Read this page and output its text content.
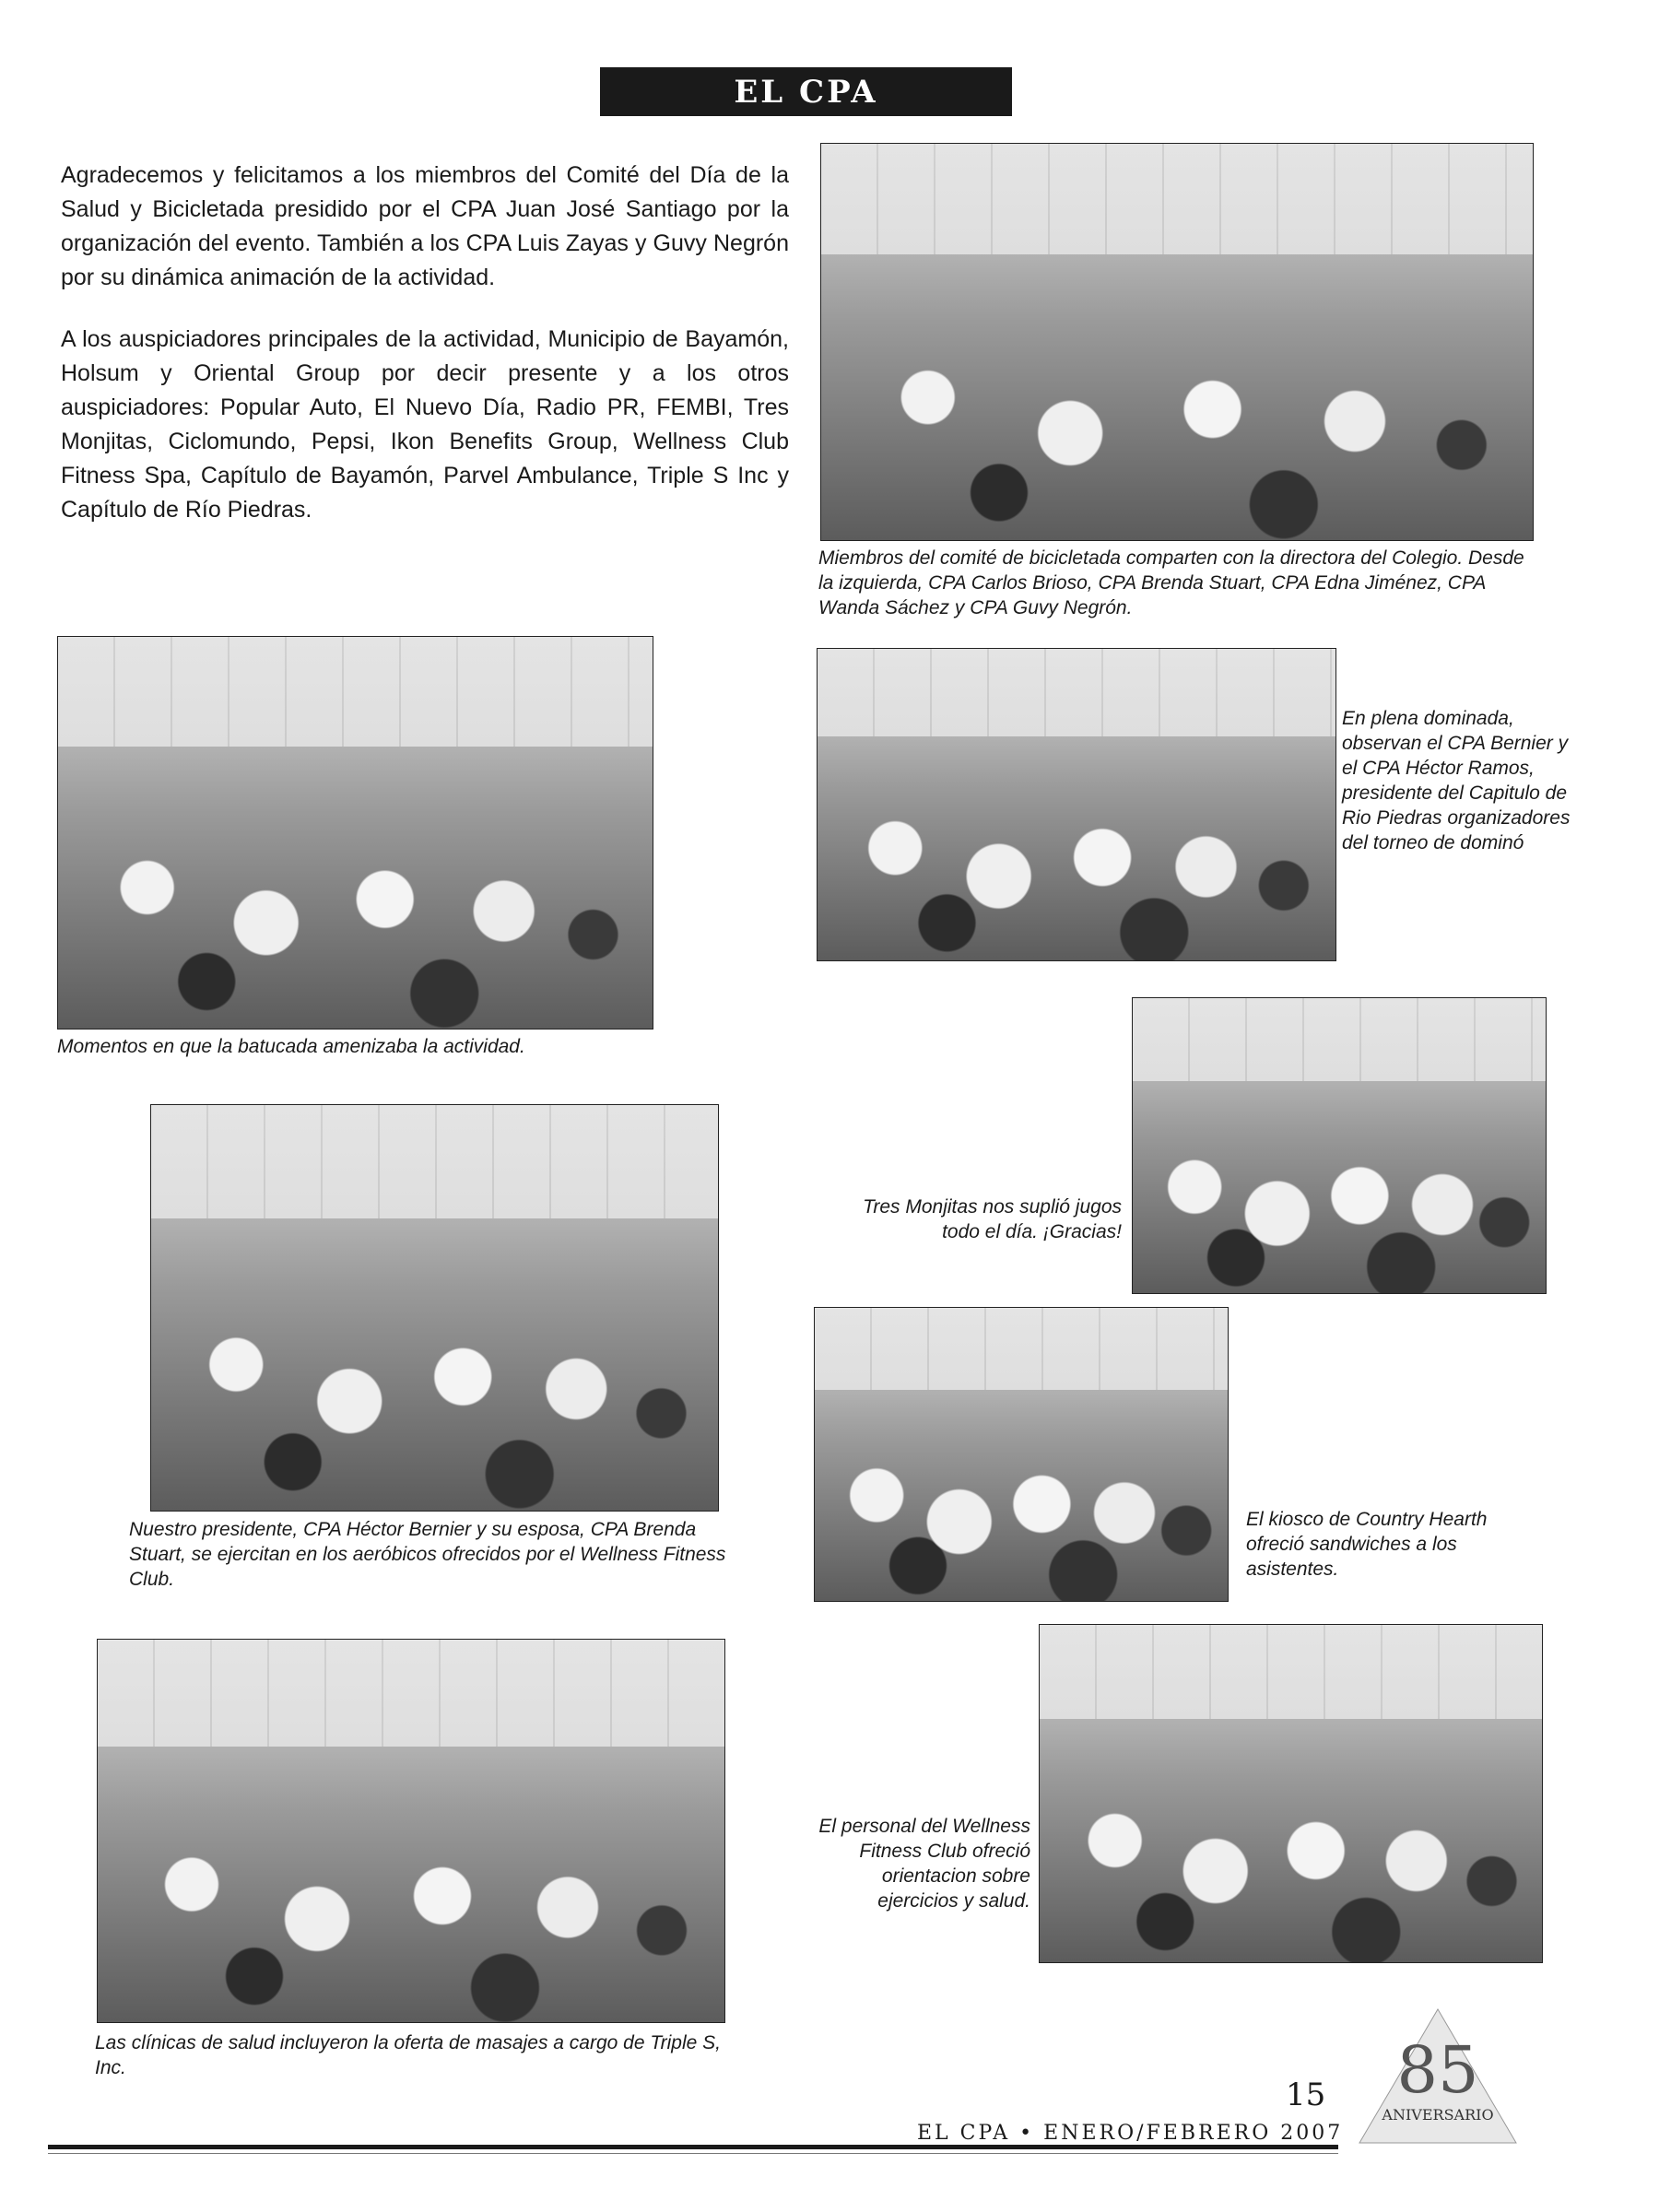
EL CPA

Agradecemos y felicitamos a los miembros del Comité del Día de la Salud y Bicicletada presidido por el CPA Juan José Santiago por la organización del evento. También a los CPA Luis Zayas y Guvy Negrón por su dinámica animación de la actividad.

A los auspiciadores principales de la actividad, Municipio de Bayamón, Holsum y Oriental Group por decir presente y a los otros auspiciadores: Popular Auto, El Nuevo Día, Radio PR, FEMBI, Tres Monjitas, Ciclomundo, Pepsi, Ikon Benefits Group, Wellness Club Fitness Spa, Capítulo de Bayamón, Parvel Ambulance, Triple S Inc y Capítulo de Río Piedras.

Miembros del comité de bicicletada comparten con la directora del Colegio. Desde la izquierda, CPA Carlos Brioso, CPA Brenda Stuart, CPA Edna Jiménez, CPA Wanda Sáchez y CPA Guvy Negrón.
Momentos en que la batucada amenizaba la actividad.
En plena dominada, observan el CPA Bernier y el CPA Héctor Ramos, presidente del Capitulo de Rio Piedras organizadores del torneo de dominó
Tres Monjitas nos suplió jugos todo el día. ¡Gracias!
Nuestro presidente, CPA Héctor Bernier y su esposa, CPA Brenda Stuart, se ejercitan en los aeróbicos ofrecidos por el Wellness Fitness Club.
El kiosco de Country Hearth ofreció sandwiches a los asistentes.
El personal del Wellness Fitness Club ofreció orientacion sobre ejercicios y salud.
Las clínicas de salud incluyeron la oferta de masajes a cargo de Triple S, Inc.
15
EL CPA • ENERO/FEBRERO 2007
85
ANIVERSARIO
